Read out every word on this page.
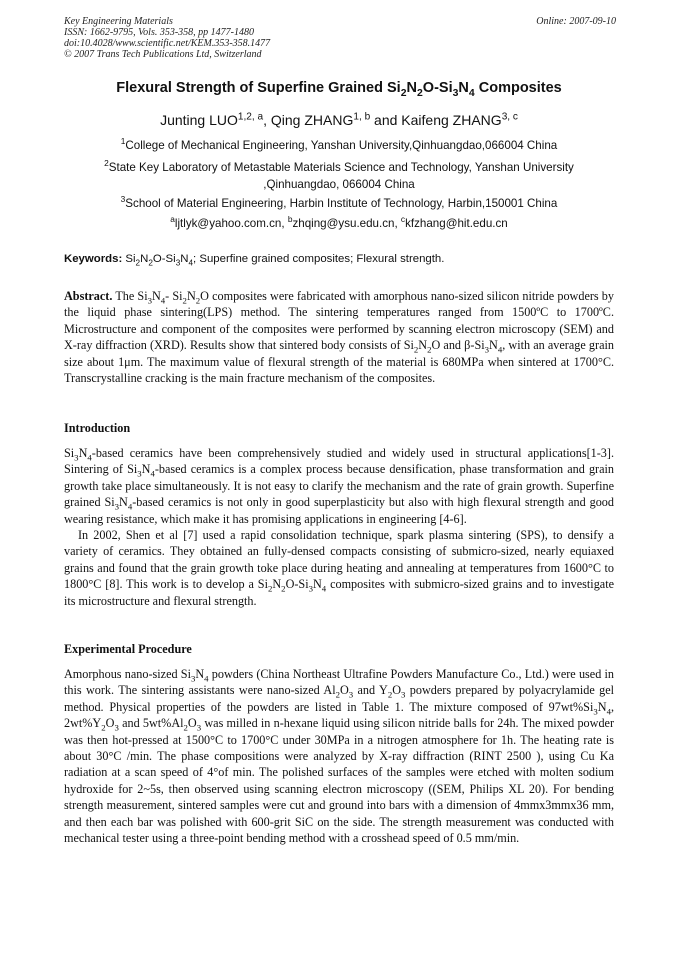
Key Engineering Materials
ISSN: 1662-9795, Vols. 353-358, pp 1477-1480
doi:10.4028/www.scientific.net/KEM.353-358.1477
© 2007 Trans Tech Publications Ltd, Switzerland
Online: 2007-09-10
Flexural Strength of Superfine Grained $Si_2N_2O-Si_3N_4$ Composites
Junting LUO$^{1,2, a}$, Qing ZHANG$^{1, b}$ and Kaifeng ZHANG$^{3, c}$
$^1$College of Mechanical Engineering, Yanshan University,Qinhuangdao,066004 China
$^2$State Key Laboratory of Metastable Materials Science and Technology, Yanshan University
,Qinhuangdao, 066004 China
$^3$School of Material Engineering, Harbin Institute of Technology, Harbin,150001 China
$^a$ljtlyk@yahoo.com.cn, $^b$zhqing@ysu.edu.cn, $^c$kfzhang@hit.edu.cn
Keywords: $Si_2N_2O-Si_3N_4$; Superfine grained composites; Flexural strength.

Abstract. The $Si_3N_4-$ $Si_2N_2O$ composites were fabricated with amorphous nano-sized silicon nitride powders by the liquid phase sintering(LPS) method. The sintering temperatures ranged from 1500ºC to 1700ºC. Microstructure and component of the composites were performed by scanning electron microscopy (SEM) and X-ray diffraction (XRD). Results show that sintered body consists of $Si_2N_2O$ and $\beta-Si_3N_4$, with an average grain size about 1μm. The maximum value of flexural strength of the material is 680MPa when sintered at 1700°C. Transcrystalline cracking is the main fracture mechanism of the composites.

Introduction

$Si_3N_4$-based ceramics have been comprehensively studied and widely used in structural applications[1-3]. Sintering of $Si_3N_4$-based ceramics is a complex process because densification, phase transformation and grain growth take place simultaneously. It is not easy to clarify the mechanism and the rate of grain growth. Superfine grained $Si_3N_4$-based ceramics is not only in good superplasticity but also with high flexural strength and good wearing resistance, which make it has promising applications in engineering [4-6].

In 2002, Shen et al [7] used a rapid consolidation technique, spark plasma sintering (SPS), to densify a variety of ceramics. They obtained an fully-densed compacts consisting of submicro-sized, nearly equiaxed grains and found that the grain growth toke place during heating and annealing at temperatures from 1600°C to 1800°C [8]. This work is to develop a $Si_2N_2O-Si_3N_4$ composites with submicro-sized grains and to investigate its microstructure and flexural strength.

Experimental Procedure

Amorphous nano-sized $Si_3N_4$ powders (China Northeast Ultrafine Powders Manufacture Co., Ltd.) were used in this work. The sintering assistants were nano-sized $Al_2O_3$ and $Y_2O_3$ powders prepared by polyacrylamide gel method. Physical properties of the powders are listed in Table 1. The mixture composed of $97wt\%Si_3N_4$, $2wt\%Y_2O_3$ and $5wt\%Al_2O_3$ was milled in n-hexane liquid using silicon nitride balls for 24h. The mixed powder was then hot-pressed at 1500°C to 1700°C under 30MPa in a nitrogen atmosphere for 1h. The heating rate is about 30°C /min. The phase compositions were analyzed by X-ray diffraction (RINT 2500 ), using Cu Ka radiation at a scan speed of 4°of min. The polished surfaces of the samples were etched with molten sodium hydroxide for 2~5s, then observed using scanning electron microscopy ((SEM, Philips XL 20). For bending strength measurement, sintered samples were cut and ground into bars with a dimension of 4mmx3mmx36 mm, and then each bar was polished with 600-grit SiC on the side. The strength measurement was conducted with mechanical tester using a three-point bending method with a crosshead speed of 0.5 mm/min.
